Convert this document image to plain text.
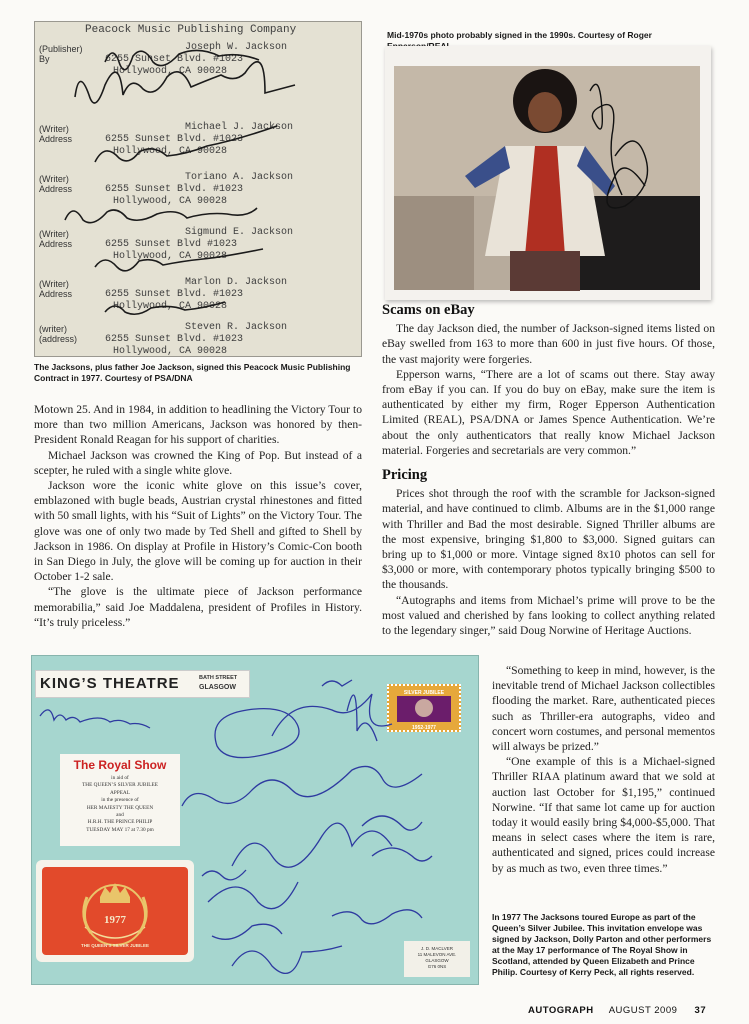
Peacock Music Publishing Company
(Publisher) By
Joseph W. Jackson
6255 Sunset Blvd. #1023
Hollywood, CA 90028
(Writer) Address
Michael J. Jackson
6255 Sunset Blvd. #1023
Hollywood, CA 90028
(Writer) Address
Toriano A. Jackson
6255 Sunset Blvd. #1023
Hollywood, CA 90028
(Writer) Address
Sigmund E. Jackson
6255 Sunset Blvd #1023
Hollywood, CA 90028
(Writer) Address
Marlon D. Jackson
6255 Sunset Blvd. #1023
Hollywood, CA 90028
(writer) (address)
Steven R. Jackson
6255 Sunset Blvd. #1023
Hollywood, CA 90028
The Jacksons, plus father Joe Jackson, signed this Peacock Music Publishing Contract in 1977. Courtesy of PSA/DNA
Mid-1970s photo probably signed in the 1990s. Courtesy of Roger

Motown 25. And in 1984, in addition to headlining the Victory Tour to more than two million Americans, Jackson was honored by then-President Ronald Reagan for his support of charities.

Michael Jackson was crowned the King of Pop. But instead of a scepter, he ruled with a single white glove.

Jackson wore the iconic white glove on this issue’s cover, emblazoned with bugle beads, Austrian crystal rhinestones and fitted with 50 small lights, with his “Suit of Lights” on the Victory Tour. The glove was one of only two made by Ted Shell and gifted to Shell by Jackson in 1986. On display at Profile in History’s Comic-Con booth in San Diego in July, the glove will be coming up for auction in their October 1-2 sale.

“The glove is the ultimate piece of Jackson performance memorabilia,” said Joe Maddalena, president of Profiles in History. “It’s truly priceless.”

Scams on eBay

The day Jackson died, the number of Jackson-signed items listed on eBay swelled from 163 to more than 600 in just five hours. Of those, the vast majority were forgeries.

Epperson warns, “There are a lot of scams out there. Stay away from eBay if you can. If you do buy on eBay, make sure the item is authenticated by either my firm, Roger Epperson Authentication Limited (REAL), PSA/DNA or James Spence Authentication. We’re about the only authenticators that really know Michael Jackson material. Forgeries and secretarials are very common.”

Pricing

Prices shot through the roof with the scramble for Jackson-signed material, and have continued to climb. Albums are in the $1,000 range with Thriller and Bad the most desirable. Signed Thriller albums are the most expensive, bringing $1,800 to $3,000. Signed guitars can bring up to $1,000 or more. Vintage signed 8x10 photos can sell for $3,000 or more, with contemporary photos typically bringing $500 to the thousands.

“Autographs and items from Michael’s prime will prove to be the most valued and cherished by fans looking to collect anything related to the legendary singer,” said Doug Norwine of Heritage Auctions.

“Something to keep in mind, however, is the inevitable trend of Michael Jackson collectibles flooding the market. Rare, authenticated pieces such as Thriller-era autographs, video and concert worn costumes, and personal mementos will always be prized.”

“One example of this is a Michael-signed Thriller RIAA platinum award that we sold at auction last October for $1,195,” continued Norwine. “If that same lot came up for auction today it would easily bring $4,000-$5,000. That means in select cases where the item is rare, authenticated and signed, prices could increase by as much as two, even three times.”

In 1977 The Jacksons toured Europe as part of the Queen’s Silver Jubilee. This invitation envelope was signed by Jackson, Dolly Parton and other performers at the May 17 performance of The Royal Show in Scotland, attended by Queen Elizabeth and Prince Philip. Courtesy of Kerry Peck, all rights reserved.
KING’S THEATRE	BATH STREET
GLASGOW
The Royal Show
in aid of
THE QUEEN’S SILVER JUBILEE
APPEAL
in the presence of
HER MAJESTY THE QUEEN
and
H.R.H. THE PRINCE PHILIP
TUESDAY MAY 17 at 7.30 pm
1977
THE QUEEN’S SILVER JUBILEE
SILVER JUBILEE
1952-1977
J. D. MACLVER
11 MALEVON AVE.
GLASGOW
G76 0NS
AUTOGRAPH AUGUST 2009 37
